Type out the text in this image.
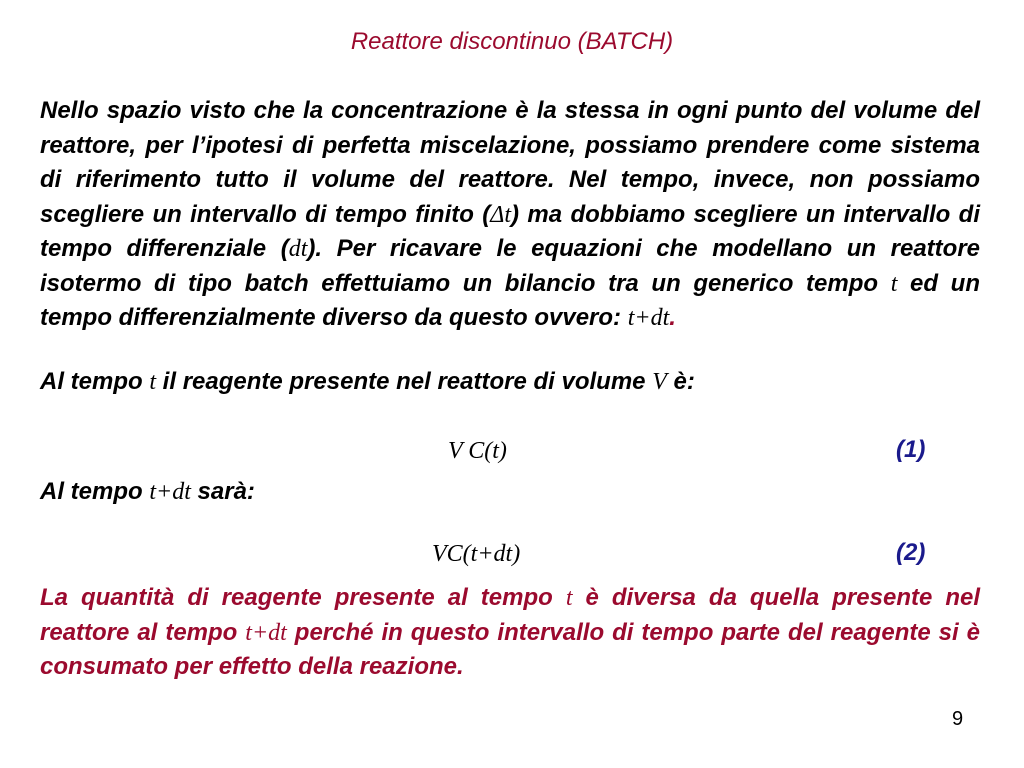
Reattore discontinuo (BATCH)
Nello spazio visto che la concentrazione è la stessa in ogni punto del volume del reattore, per l’ipotesi di perfetta miscelazione, possiamo prendere come sistema di riferimento tutto il volume del reattore. Nel tempo, invece, non possiamo scegliere un intervallo di tempo finito (Δt) ma dobbiamo scegliere un intervallo di tempo differenziale (dt). Per ricavare le equazioni che modellano un reattore isotermo di tipo batch effettuiamo un bilancio tra un generico tempo t ed un tempo differenzialmente diverso da questo ovvero: t+dt.
Al tempo t il reagente presente nel reattore di volume V è:
V C(t)	(1)
Al tempo t+dt sarà:
VC(t+dt)	(2)
La quantità di reagente presente al tempo t è diversa da quella presente nel reattore al tempo t+dt perché in questo intervallo di tempo parte del reagente si è consumato per effetto della reazione.
9
